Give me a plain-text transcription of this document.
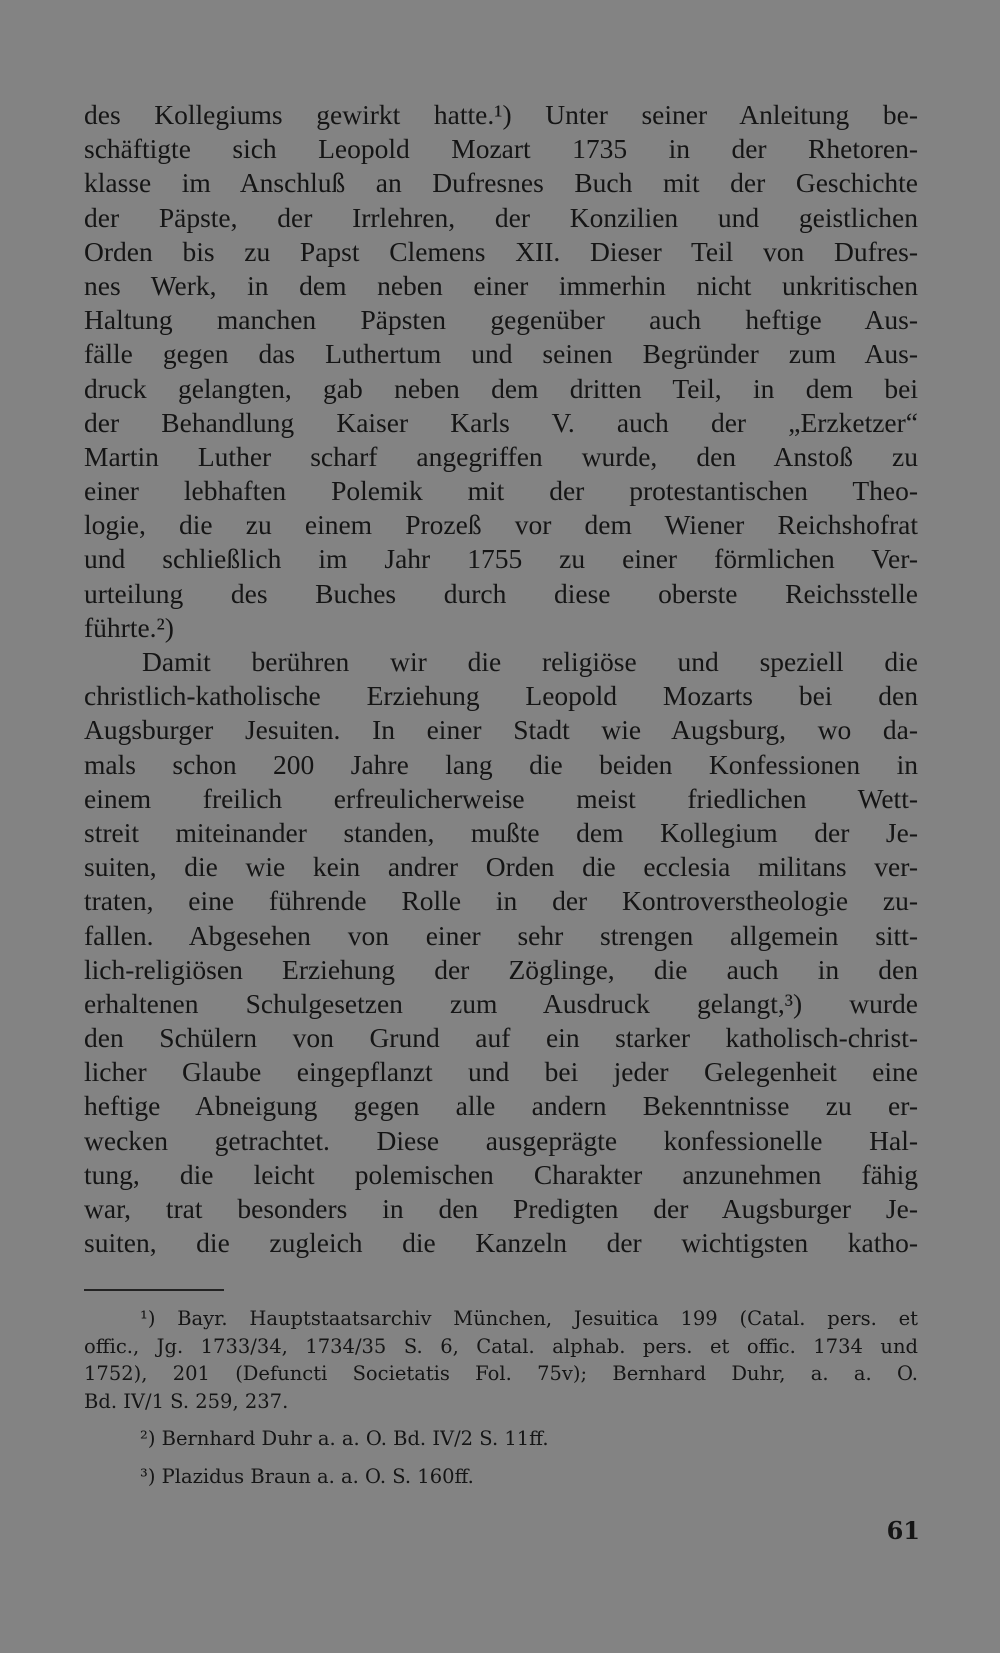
des Kollegiums gewirkt hatte.¹) Unter seiner Anleitung be-
schäftigte sich Leopold Mozart 1735 in der Rhetoren-
klasse im Anschluß an Dufresnes Buch mit der Geschichte
der Päpste, der Irrlehren, der Konzilien und geistlichen
Orden bis zu Papst Clemens XII. Dieser Teil von Dufres-
nes Werk, in dem neben einer immerhin nicht unkritischen
Haltung manchen Päpsten gegenüber auch heftige Aus-
fälle gegen das Luthertum und seinen Begründer zum Aus-
druck gelangten, gab neben dem dritten Teil, in dem bei
der Behandlung Kaiser Karls V. auch der „Erzketzer“
Martin Luther scharf angegriffen wurde, den Anstoß zu
einer lebhaften Polemik mit der protestantischen Theo-
logie, die zu einem Prozeß vor dem Wiener Reichshofrat
und schließlich im Jahr 1755 zu einer förmlichen Ver-
urteilung des Buches durch diese oberste Reichsstelle
führte.²)
Damit berühren wir die religiöse und speziell die
christlich-katholische Erziehung Leopold Mozarts bei den
Augsburger Jesuiten. In einer Stadt wie Augsburg, wo da-
mals schon 200 Jahre lang die beiden Konfessionen in
einem freilich erfreulicherweise meist friedlichen Wett-
streit miteinander standen, mußte dem Kollegium der Je-
suiten, die wie kein andrer Orden die ecclesia militans ver-
traten, eine führende Rolle in der Kontroverstheologie zu-
fallen. Abgesehen von einer sehr strengen allgemein sitt-
lich-religiösen Erziehung der Zöglinge, die auch in den
erhaltenen Schulgesetzen zum Ausdruck gelangt,³) wurde
den Schülern von Grund auf ein starker katholisch-christ-
licher Glaube eingepflanzt und bei jeder Gelegenheit eine
heftige Abneigung gegen alle andern Bekenntnisse zu er-
wecken getrachtet. Diese ausgeprägte konfessionelle Hal-
tung, die leicht polemischen Charakter anzunehmen fähig
war, trat besonders in den Predigten der Augsburger Je-
suiten, die zugleich die Kanzeln der wichtigsten katho-
¹) Bayr. Hauptstaatsarchiv München, Jesuitica 199 (Catal. pers. et
offic., Jg. 1733/34, 1734/35 S. 6, Catal. alphab. pers. et offic. 1734 und
1752), 201 (Defuncti Societatis Fol. 75v); Bernhard Duhr, a. a. O.
Bd. IV/1 S. 259, 237.
²) Bernhard Duhr a. a. O. Bd. IV/2 S. 11ff.
³) Plazidus Braun a. a. O. S. 160ff.
61
